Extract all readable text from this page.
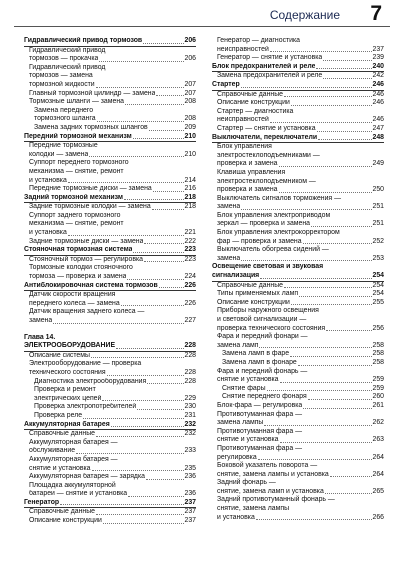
Содержание 7
Гидравлический привод тормозов	206
Гидравлический привод
тормозов — прокачка	206
Гидравлический привод
тормозов — замена
тормозной жидкости	207
Главный тормозной цилиндр — замена	207
Тормозные шланги — замена	208
Замена переднего
тормозного шланга	208
Замена задних тормозных шлангов	209
Передний тормозной механизм	210
Передние тормозные
колодки — замена	210
Суппорт переднего тормозного
механизма — снятие, ремонт
и установка	214
Передние тормозные диски — замена	216
Задний тормозной механизм	218
Задние тормозные колодки — замена	218
Суппорт заднего тормозного
механизма — снятие, ремонт
и установка	221
Задние тормозные диски — замена	222
Стояночная тормозная система	223
Стояночный тормоз — регулировка	223
Тормозные колодки стояночного
тормоза — проверка и замена	224
Антиблокировочная система тормозов	226
Датчик скорости вращения
переднего колеса — замена	226
Датчик вращения заднего колеса —
замена	227
Глава 14.
ЭЛЕКТРООБОРУДОВАНИЕ	228
Описание системы	228
Электрооборудование — проверка
технического состояния	228
Диагностика электрооборудования	228
Проверка и ремонт
электрических цепей	229
Проверка электропотребителей	230
Проверка реле	231
Аккумуляторная батарея	232
Справочные данные	232
Аккумуляторная батарея —
обслуживание	233
Аккумуляторная батарея —
снятие и установка	235
Аккумуляторная батарея — зарядка	236
Площадка аккумуляторной
батареи — снятие и установка	236
Генератор	237
Справочные данные	237
Описание конструкции	237
Генератор — диагностика
неисправностей	237
Генератор — снятие и установка	239
Блок предохранителей и реле	240
Замена предохранителей и реле	242
Стартер	246
Справочные данные	246
Описание конструкции	246
Стартер — диагностика
неисправностей	246
Стартер — снятие и установка	247
Выключатели, переключатели	248
Блок управления
электростеклоподъемниками —
проверка и замена	249
Клавиша управления
электростеклоподъемником —
проверка и замена	250
Выключатель сигналов торможения —
замена	251
Блок управления электроприводом
зеркал — проверка и замена	251
Блок управления электрокорректором
фар — проверка и замена	252
Выключатель обогрева сидений —
замена	253
Освещение световая и звуковая
сигнализация	254
Справочные данные	254
Типы применяемых ламп	254
Описание конструкции	255
Приборы наружного освещения
и световой сигнализации —
проверка технического состояния	256
Фара и передний фонари —
замена ламп	258
Замена ламп в фаре	258
Замена ламп в фонаре	258
Фара и передний фонарь —
снятие и установка	259
Снятие фары	259
Снятие переднего фонаря	260
Блок-фара — регулировка	261
Противотуманная фара —
замена лампы	262
Противотуманная фара —
снятие и установка	263
Противотуманная фара —
регулировка	264
Боковой указатель поворота —
снятие, замена лампы и установка	264
Задний фонарь —
снятие, замена ламп и установка	265
Задний противотуманный фонарь —
снятие, замена лампы
и установка	266
